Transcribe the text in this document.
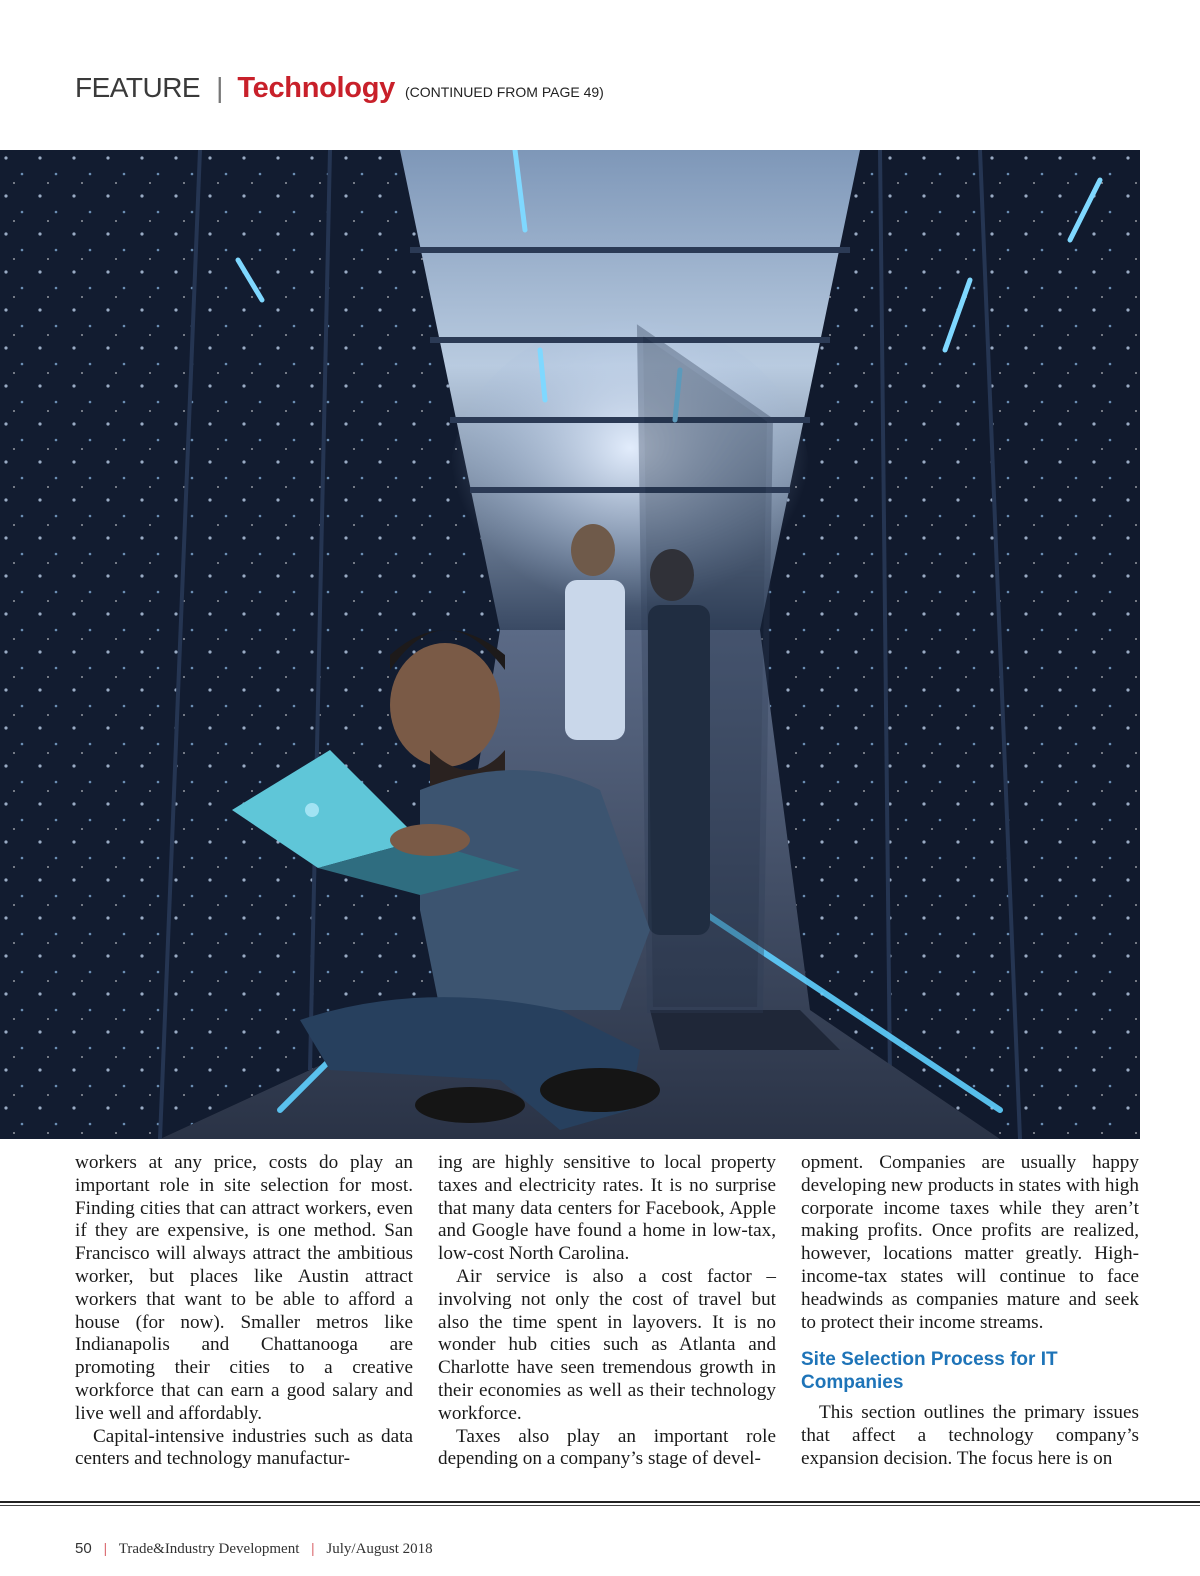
FEATURE | Technology (CONTINUED FROM PAGE 49)

workers at any price, costs do play an important role in site selection for most. Finding cities that can attract workers, even if they are expensive, is one method. San Francisco will always attract the ambitious worker, but places like Austin attract workers that want to be able to afford a house (for now). Smaller metros like Indianapolis and Chattanooga are promoting their cities to a creative workforce that can earn a good salary and live well and affordably.

Capital-intensive industries such as data centers and technology manufactur-

ing are highly sensitive to local property taxes and electricity rates. It is no surprise that many data centers for Facebook, Apple and Google have found a home in low-tax, low-cost North Carolina.

Air service is also a cost factor – involving not only the cost of travel but also the time spent in layovers. It is no wonder hub cities such as Atlanta and Charlotte have seen tremendous growth in their economies as well as their technology workforce.

Taxes also play an important role depending on a company’s stage of devel-

opment. Companies are usually happy developing new products in states with high corporate income taxes while they aren’t making profits. Once profits are realized, however, locations matter greatly. High-income-tax states will continue to face headwinds as companies mature and seek to protect their income streams.

Site Selection Process for IT Companies

This section outlines the primary issues that affect a technology company’s expansion decision. The focus here is on

50 | Trade&Industry Development | July/August 2018
